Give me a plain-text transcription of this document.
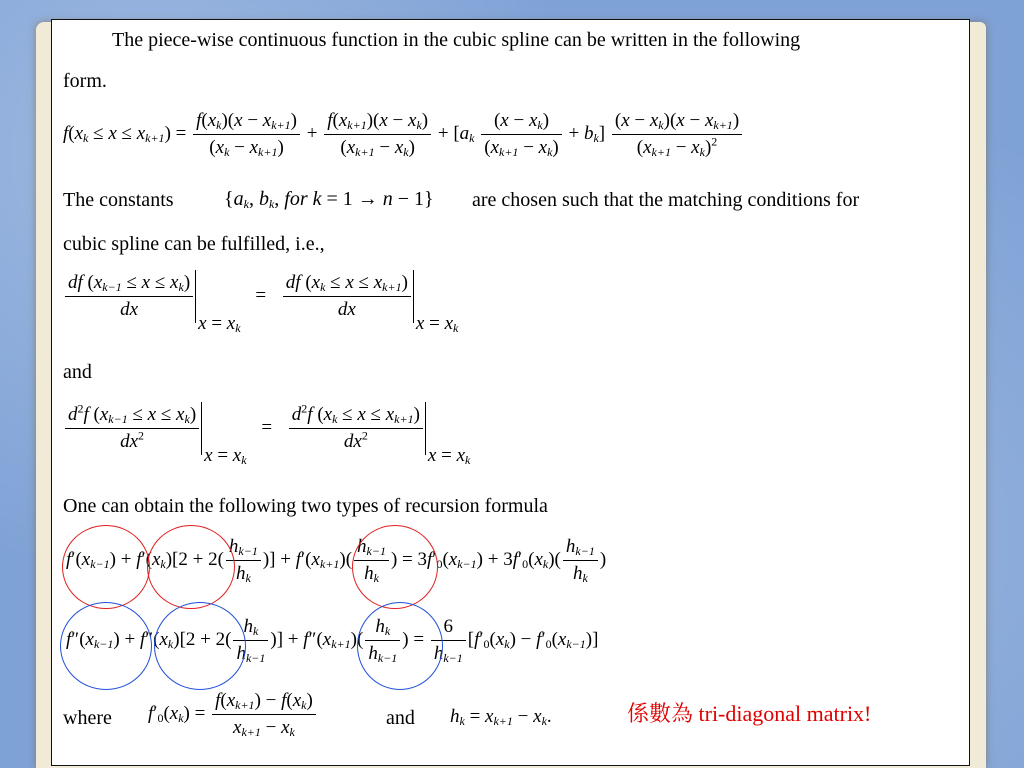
The piece-wise continuous function in the cubic spline can be written in the following
form.
$f(x_k \le x \le x_{k+1}) = \frac{f(x_k)(x - x_{k+1})}{(x_k - x_{k+1})} + \frac{f(x_{k+1})(x - x_k)}{(x_{k+1} - x_k)} + [a_k \frac{(x - x_k)}{(x_{k+1} - x_k)} + b_k] \frac{(x - x_k)(x - x_{k+1})}{(x_{k+1} - x_k)^2}$
The constants	{$a_k$, $b_k$, for k = 1 → n − 1} are chosen such that the matching conditions for
cubic spline can be fulfilled, i.e.,
$\frac{df (x_{k-1} \le x \le x_k)}{dx}$
$x = x_k = \frac{df (x_k \le x \le x_{k+1})}{dx}$
$x = x_k$
and
$\frac{d^2f (x_{k-1} \le x \le x_k)}{dx^2}$
$x = x_k = \frac{d^2f (x_k \le x \le x_{k+1})}{dx^2}$
$x = x_k$
One can obtain the following two types of recursion formula
$f'(x_{k-1}) + f'(x_k)[2 + 2( \frac{h_{k-1}}{h_k}$ )] + $f'(x_{k+1})( \frac{h_{k-1}}{h_k}$ ) = $3f'_0(x_{k-1}) + 3f'_0(x_k)( \frac{h_{k-1}}{h_k}$ )
$f''(x_{k-1}) + f''(x_k)[2 + 2( \frac{h_k}{h_{k-1}}$ )] + $f''(x_{k+1})( \frac{h_k}{h_{k-1}}$ ) = $\frac{6}{h_{k-1}} [f'_0(x_k) - f'_0(x_{k-1})]$
where $f'_0(x_k) = \frac{f(x_{k+1}) - f(x_k)}{x_{k+1} - x_k}$	and $h_k = x_{k+1} - x_k$.	係數為 tri-diagonal matrix!
